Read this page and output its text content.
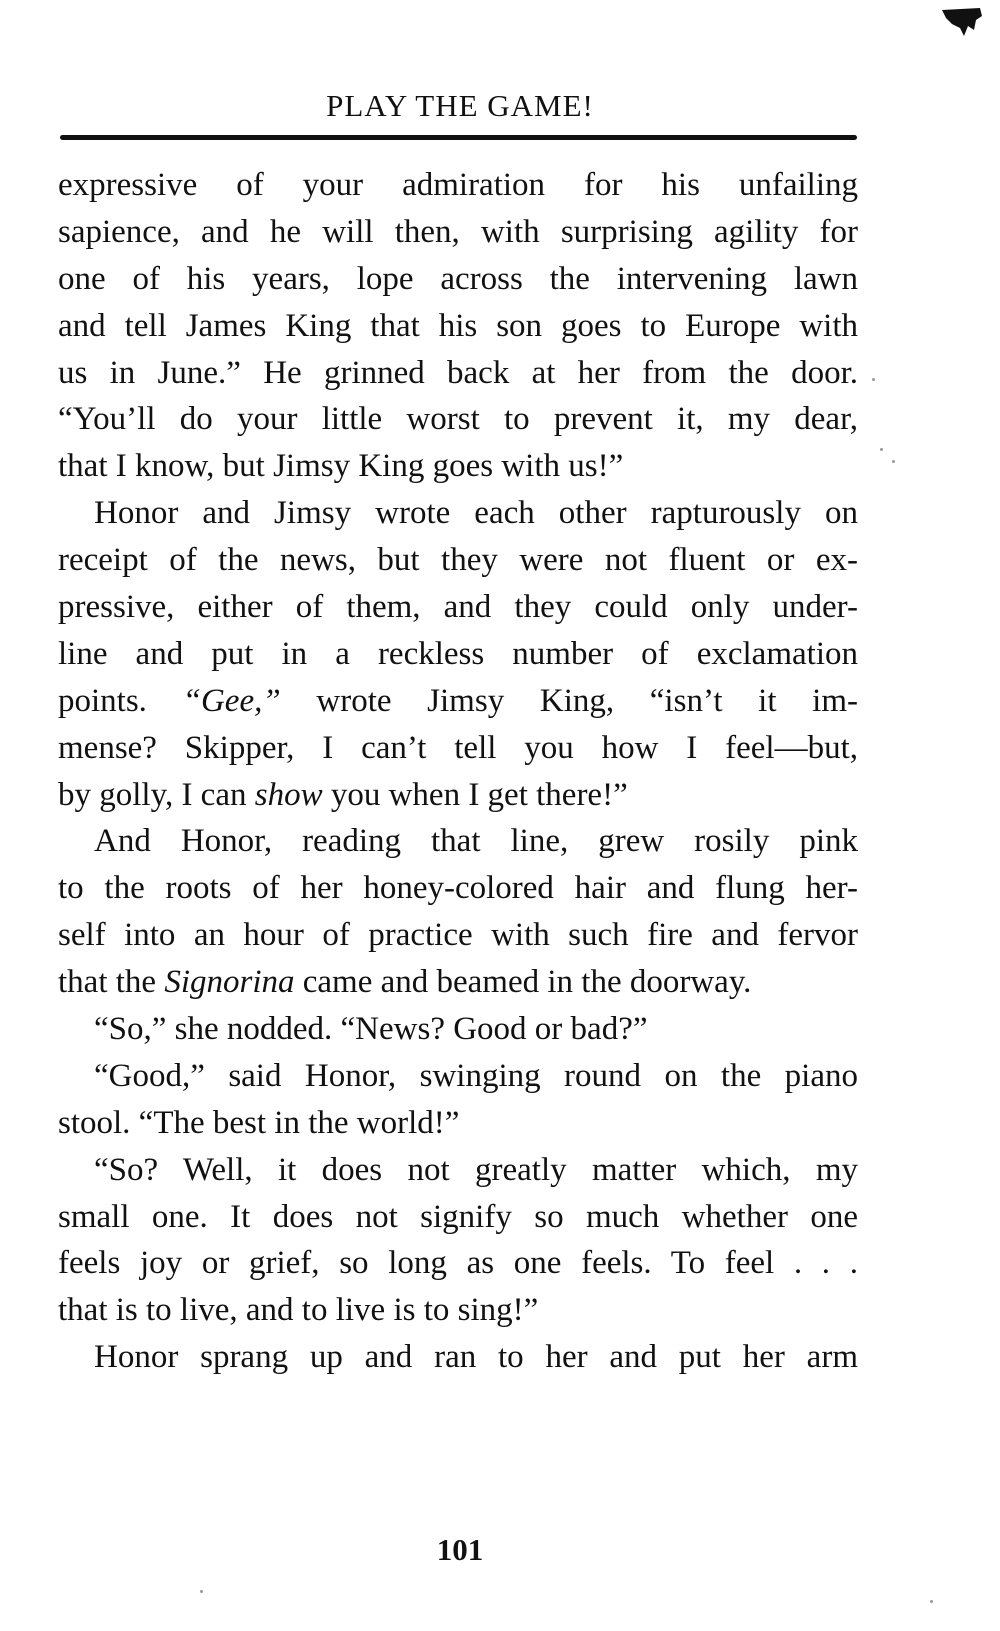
PLAY THE GAME!
expressive of your admiration for his unfailing
sapience, and he will then, with surprising agility for
one of his years, lope across the intervening lawn
and tell James King that his son goes to Europe with
us in June.” He grinned back at her from the door.
“You’ll do your little worst to prevent it, my dear,
that I know, but Jimsy King goes with us!”
Honor and Jimsy wrote each other rapturously on
receipt of the news, but they were not fluent or ex-
pressive, either of them, and they could only under-
line and put in a reckless number of exclamation
points. “Gee,” wrote Jimsy King, “isn’t it im-
mense? Skipper, I can’t tell you how I feel—but,
by golly, I can show you when I get there!”
And Honor, reading that line, grew rosily pink
to the roots of her honey-colored hair and flung her-
self into an hour of practice with such fire and fervor
that the Signorina came and beamed in the doorway.
“So,” she nodded. “News? Good or bad?”
“Good,” said Honor, swinging round on the piano
stool. “The best in the world!”
“So? Well, it does not greatly matter which, my
small one. It does not signify so much whether one
feels joy or grief, so long as one feels. To feel . . .
that is to live, and to live is to sing!”
Honor sprang up and ran to her and put her arm
101
